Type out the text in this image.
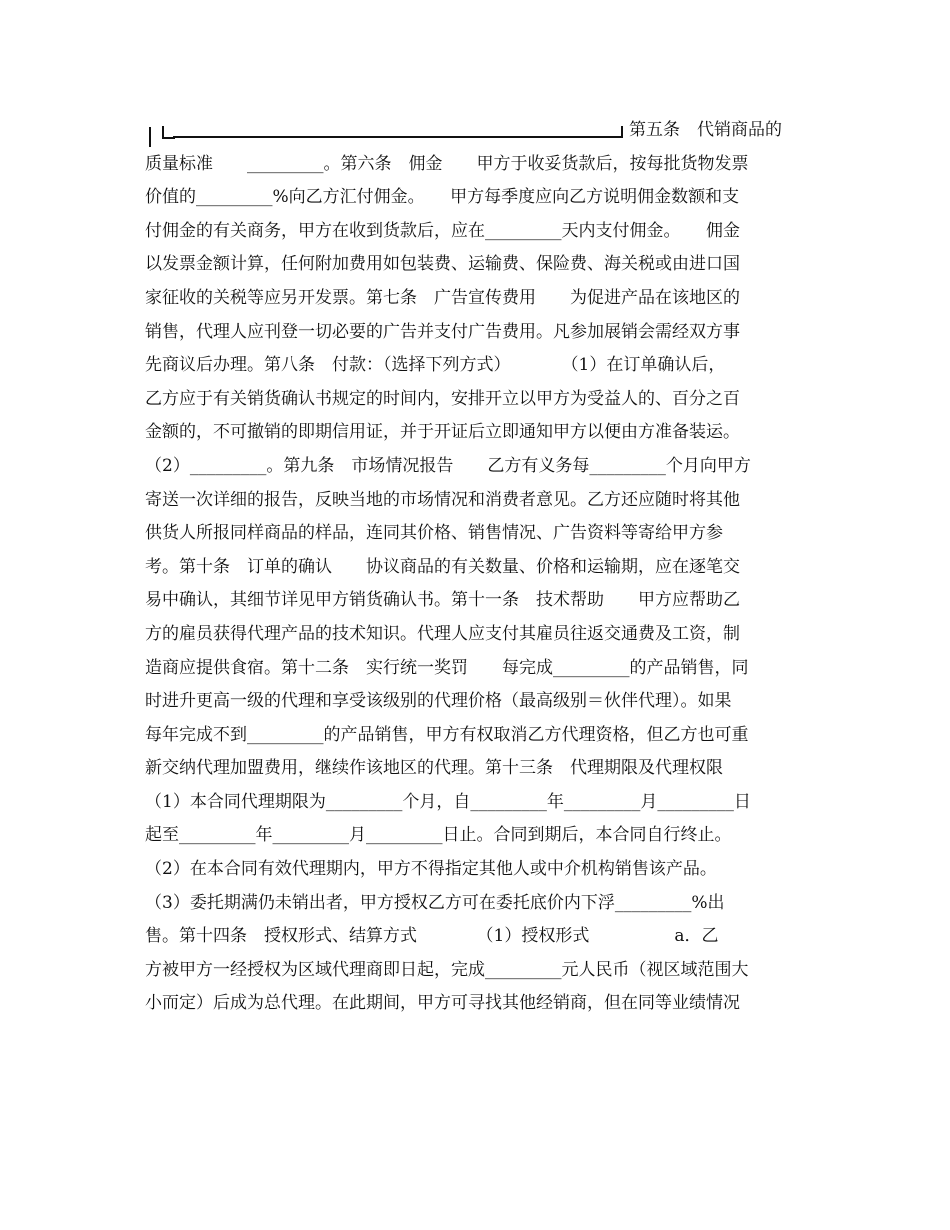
第五条　代销商品的

质量标准　　_________。第六条　佣金　　甲方于收妥货款后，按每批货物发票
价值的_________%向乙方汇付佣金。　　甲方每季度应向乙方说明佣金数额和支
付佣金的有关商务，甲方在收到货款后，应在_________天内支付佣金。　　佣金
以发票金额计算，任何附加费用如包装费、运输费、保险费、海关税或由进口国
家征收的关税等应另开发票。第七条　广告宣传费用　　为促进产品在该地区的
销售，代理人应刊登一切必要的广告并支付广告费用。凡参加展销会需经双方事
先商议后办理。第八条　付款：（选择下列方式）　　　　（1）在订单确认后，
乙方应于有关销货确认书规定的时间内，安排开立以甲方为受益人的、百分之百
金额的，不可撤销的即期信用证，并于开证后立即通知甲方以便由方准备装运。
（2）_________。第九条　市场情况报告　　乙方有义务每_________个月向甲方
寄送一次详细的报告，反映当地的市场情况和消费者意见。乙方还应随时将其他
供货人所报同样商品的样品，连同其价格、销售情况、广告资料等寄给甲方参
考。第十条　订单的确认　　协议商品的有关数量、价格和运输期，应在逐笔交
易中确认，其细节详见甲方销货确认书。第十一条　技术帮助　　甲方应帮助乙
方的雇员获得代理产品的技术知识。代理人应支付其雇员往返交通费及工资，制
造商应提供食宿。第十二条　实行统一奖罚　　每完成_________的产品销售，同
时进升更高一级的代理和享受该级别的代理价格（最高级别＝伙伴代理）。如果
每年完成不到_________的产品销售，甲方有权取消乙方代理资格，但乙方也可重
新交纳代理加盟费用，继续作该地区的代理。第十三条　代理期限及代理权限
（1）本合同代理期限为_________个月，自_________年_________月_________日
起至_________年_________月_________日止。合同到期后，本合同自行终止。
（2）在本合同有效代理期内，甲方不得指定其他人或中介机构销售该产品。
（3）委托期满仍未销出者，甲方授权乙方可在委托底价内下浮_________%出
售。第十四条　授权形式、结算方式　　　　（1）授权形式　　　　　a．乙
方被甲方一经授权为区域代理商即日起，完成_________元人民币（视区域范围大
小而定）后成为总代理。在此期间，甲方可寻找其他经销商，但在同等业绩情况
